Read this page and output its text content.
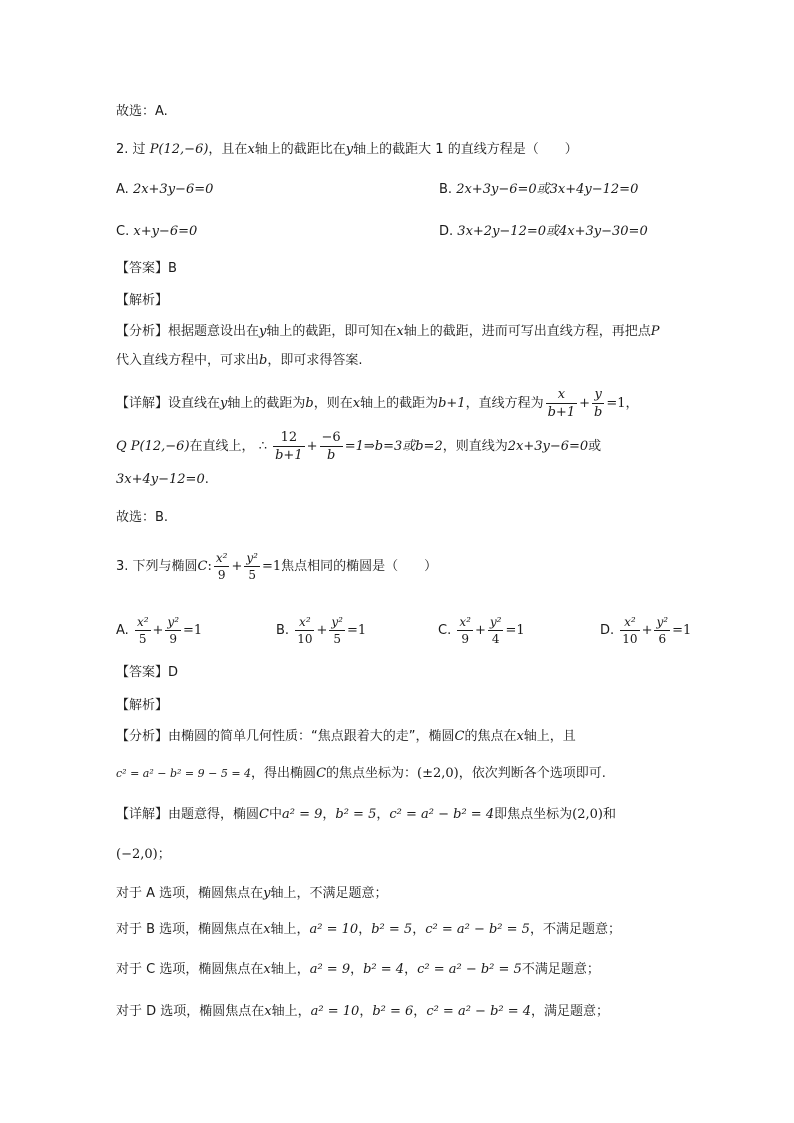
故选：A.
2. 过 P(12,−6)，且在x轴上的截距比在y轴上的截距大 1 的直线方程是（　　）
A. 2x+3y−6=0	B. 2x+3y−6=0或3x+4y−12=0
C. x+y−6=0	D. 3x+2y−12=0或4x+3y−30=0
【答案】B
【解析】
【分析】根据题意设出在y轴上的截距，即可知在x轴上的截距，进而可写出直线方程，再把点P
代入直线方程中，可求出b，即可求得答案.
【详解】设直线在y轴上的截距为b，则在x轴上的截距为b+1，直线方程为 $\frac{x}{b+1} + \frac{y}{b} =1$，
Q P(12,−6)在直线上， ∴ $\frac{12}{b+1} + \frac{-6}{b}$ =1⇒b=3或b=2，则直线为2x+3y−6=0或
3x+4y−12=0.
故选：B.
3. 下列与椭圆C: $\frac{\text{x²}}{9} + \frac{\text{y²}}{5} =1$焦点相同的椭圆是（　　）
A. $\frac{\text{x²}}{5} + \frac{\text{y²}}{9} =1$	B. $\frac{\text{x²}}{10} + \frac{\text{y²}}{5} =1$	C. $\frac{\text{x²}}{9} + \frac{\text{y²}}{4} =1$	D. $\frac{\text{x²}}{10} + \frac{\text{y²}}{6} =1$
【答案】D
【解析】
【分析】由椭圆的简单几何性质：“焦点跟着大的走”，椭圆C的焦点在x轴上，且
c² = a² − b² = 9 − 5 = 4，得出椭圆C的焦点坐标为：(±2,0)，依次判断各个选项即可.
【详解】由题意得，椭圆C中a² = 9，b² = 5，c² = a² − b² = 4即焦点坐标为(2,0)和
(−2,0)；
对于 A 选项，椭圆焦点在y轴上，不满足题意；
对于 B 选项，椭圆焦点在x轴上，a² = 10，b² = 5，c² = a² − b² = 5，不满足题意；
对于 C 选项，椭圆焦点在x轴上，a² = 9，b² = 4，c² = a² − b² = 5不满足题意；
对于 D 选项，椭圆焦点在x轴上，a² = 10，b² = 6，c² = a² − b² = 4，满足题意；
